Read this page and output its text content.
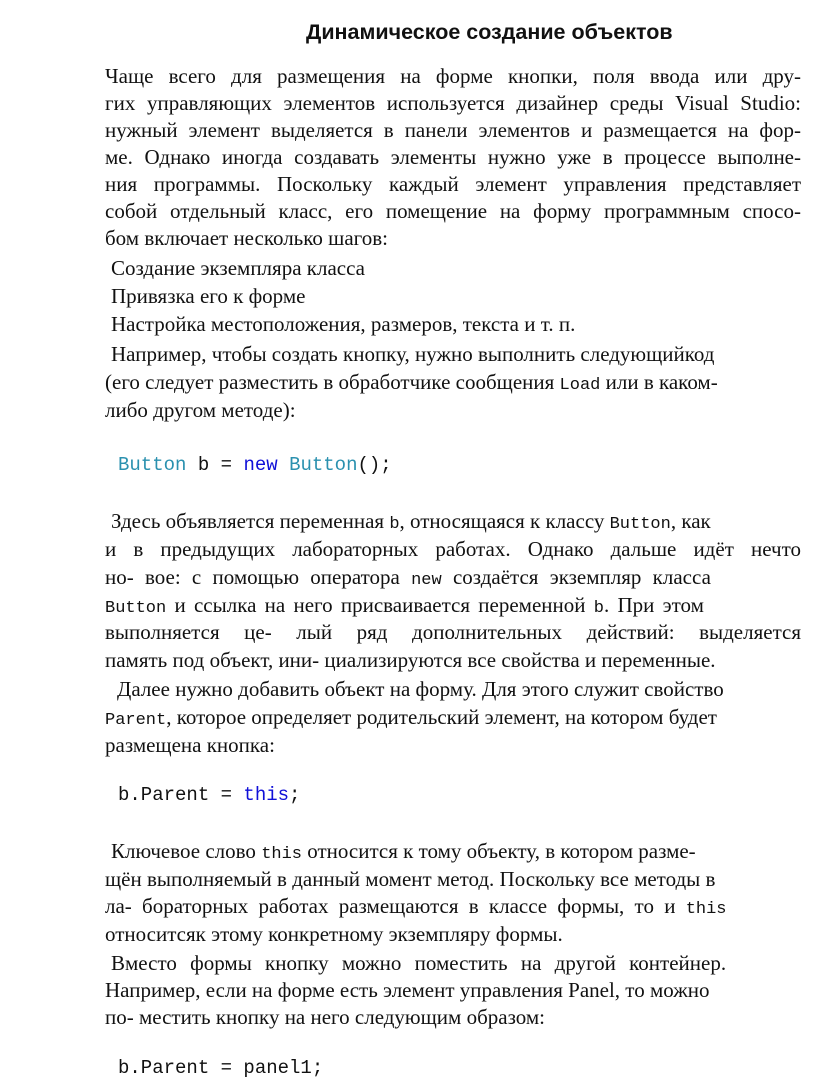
Динамическое создание объектов

Чаще всего для размещения на форме кнопки, поля ввода или дру-

гих управляющих элементов используется дизайнер среды Visual Studio:

нужный элемент выделяется в панели элементов и размещается на фор-

ме. Однако иногда создавать элементы нужно уже в процессе выполне-

ния программы. Поскольку каждый элемент управления представляет

собой отдельный класс, его помещение на форму программным спосо-

бом включает несколько шагов:

Создание экземпляра класса

Привязка его к форме

Настройка местоположения, размеров, текста и т. п.

Например, чтобы создать кнопку, нужно выполнить следующийкод

(его следует разместить в обработчике сообщения Load или в каком-

либо другом методе):

Button b = new Button();

Здесь объявляется переменная b, относящаяся к классу Button, как

и в предыдущих лабораторных работах. Однако дальше идёт нечто

но- вое: с помощью оператора new создаётся экземпляр класса

Button и ссылка на него присваивается переменной b. При этом

выполняется це- лый ряд дополнительных действий: выделяется

память под объект, ини- циализируются все свойства и переменные.

Далее нужно добавить объект на форму. Для этого служит свойство

Parent, которое определяет родительский элемент, на котором будет

размещена кнопка:

b.Parent = this;

Ключевое слово this относится к тому объекту, в котором разме-

щён выполняемый в данный момент метод. Поскольку все методы в

ла- бораторных работах размещаются в классе формы, то и this

относитсяк этому конкретному экземпляру формы.

Вместо формы кнопку можно поместить на другой контейнер.

Например, если на форме есть элемент управления Panel, то можно

по- местить кнопку на него следующим образом:

b.Parent = panel1;
